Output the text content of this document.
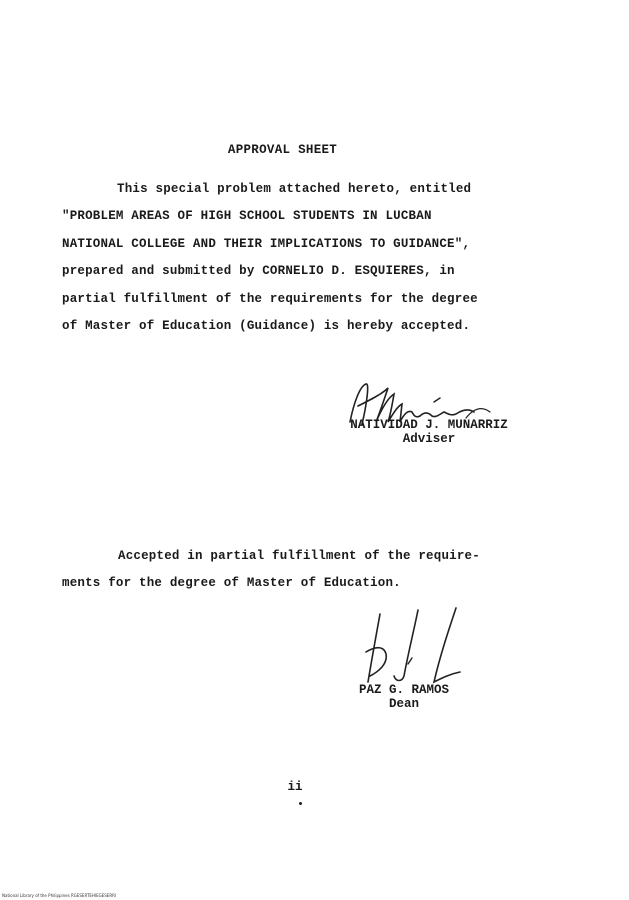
APPROVAL SHEET
This special problem attached hereto, entitled
"PROBLEM AREAS OF HIGH SCHOOL STUDENTS IN LUCBAN
NATIONAL COLLEGE AND THEIR IMPLICATIONS TO GUIDANCE",
prepared and submitted by CORNELIO D. ESQUIERES, in
partial fulfillment of the requirements for the degree
of Master of Education (Guidance) is hereby accepted.
NATIVIDAD J. MUNARRIZ
Adviser
Accepted in partial fulfillment of the require-
ments for the degree of Master of Education.
PAZ G. RAMOS
Dean
ii
National Library of the Philippines RGESERTEHIEGESERRI
